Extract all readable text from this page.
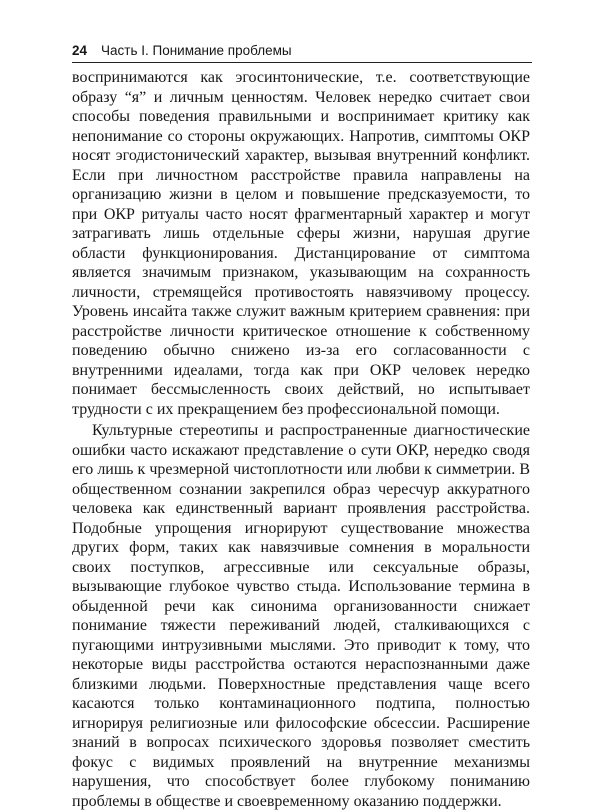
24 Часть I. Понимание проблемы

воспринимаются как эгосинтонические, т.е. соответствующие образу “я” и личным ценностям. Человек нередко считает свои способы поведения правильными и воспринимает критику как непонимание со стороны окружающих. Напротив, симптомы ОКР носят эгодистонический характер, вызывая внутренний конфликт. Если при личностном расстройстве правила направлены на организацию жизни в целом и повышение предсказуемости, то при ОКР ритуалы часто носят фрагментарный характер и могут затрагивать лишь отдельные сферы жизни, нарушая другие области функционирования. Дистанцирование от симптома является значимым признаком, указывающим на сохранность личности, стремящейся противостоять навязчивому процессу. Уровень инсайта также служит важным критерием сравнения: при расстройстве личности критическое отношение к собственному поведению обычно снижено из-за его согласованности с внутренними идеалами, тогда как при ОКР человек нередко понимает бессмысленность своих действий, но испытывает трудности с их прекращением без профессиональной помощи.

Культурные стереотипы и распространенные диагностические ошибки часто искажают представление о сути ОКР, нередко сводя его лишь к чрезмерной чистоплотности или любви к симметрии. В общественном сознании закрепился образ чересчур аккуратного человека как единственный вариант проявления расстройства. Подобные упрощения игнорируют существование множества других форм, таких как навязчивые сомнения в моральности своих поступков, агрессивные или сексуальные образы, вызывающие глубокое чувство стыда. Использование термина в обыденной речи как синонима организованности снижает понимание тяжести переживаний людей, сталкивающихся с пугающими интрузивными мыслями. Это приводит к тому, что некоторые виды расстройства остаются нераспознанными даже близкими людьми. Поверхностные представления чаще всего касаются только контаминационного подтипа, полностью игнорируя религиозные или философские обсессии. Расширение знаний в вопросах психического здоровья позволяет сместить фокус с видимых проявлений на внутренние механизмы нарушения, что способствует более глубокому пониманию проблемы в обществе и своевременному оказанию поддержки.
